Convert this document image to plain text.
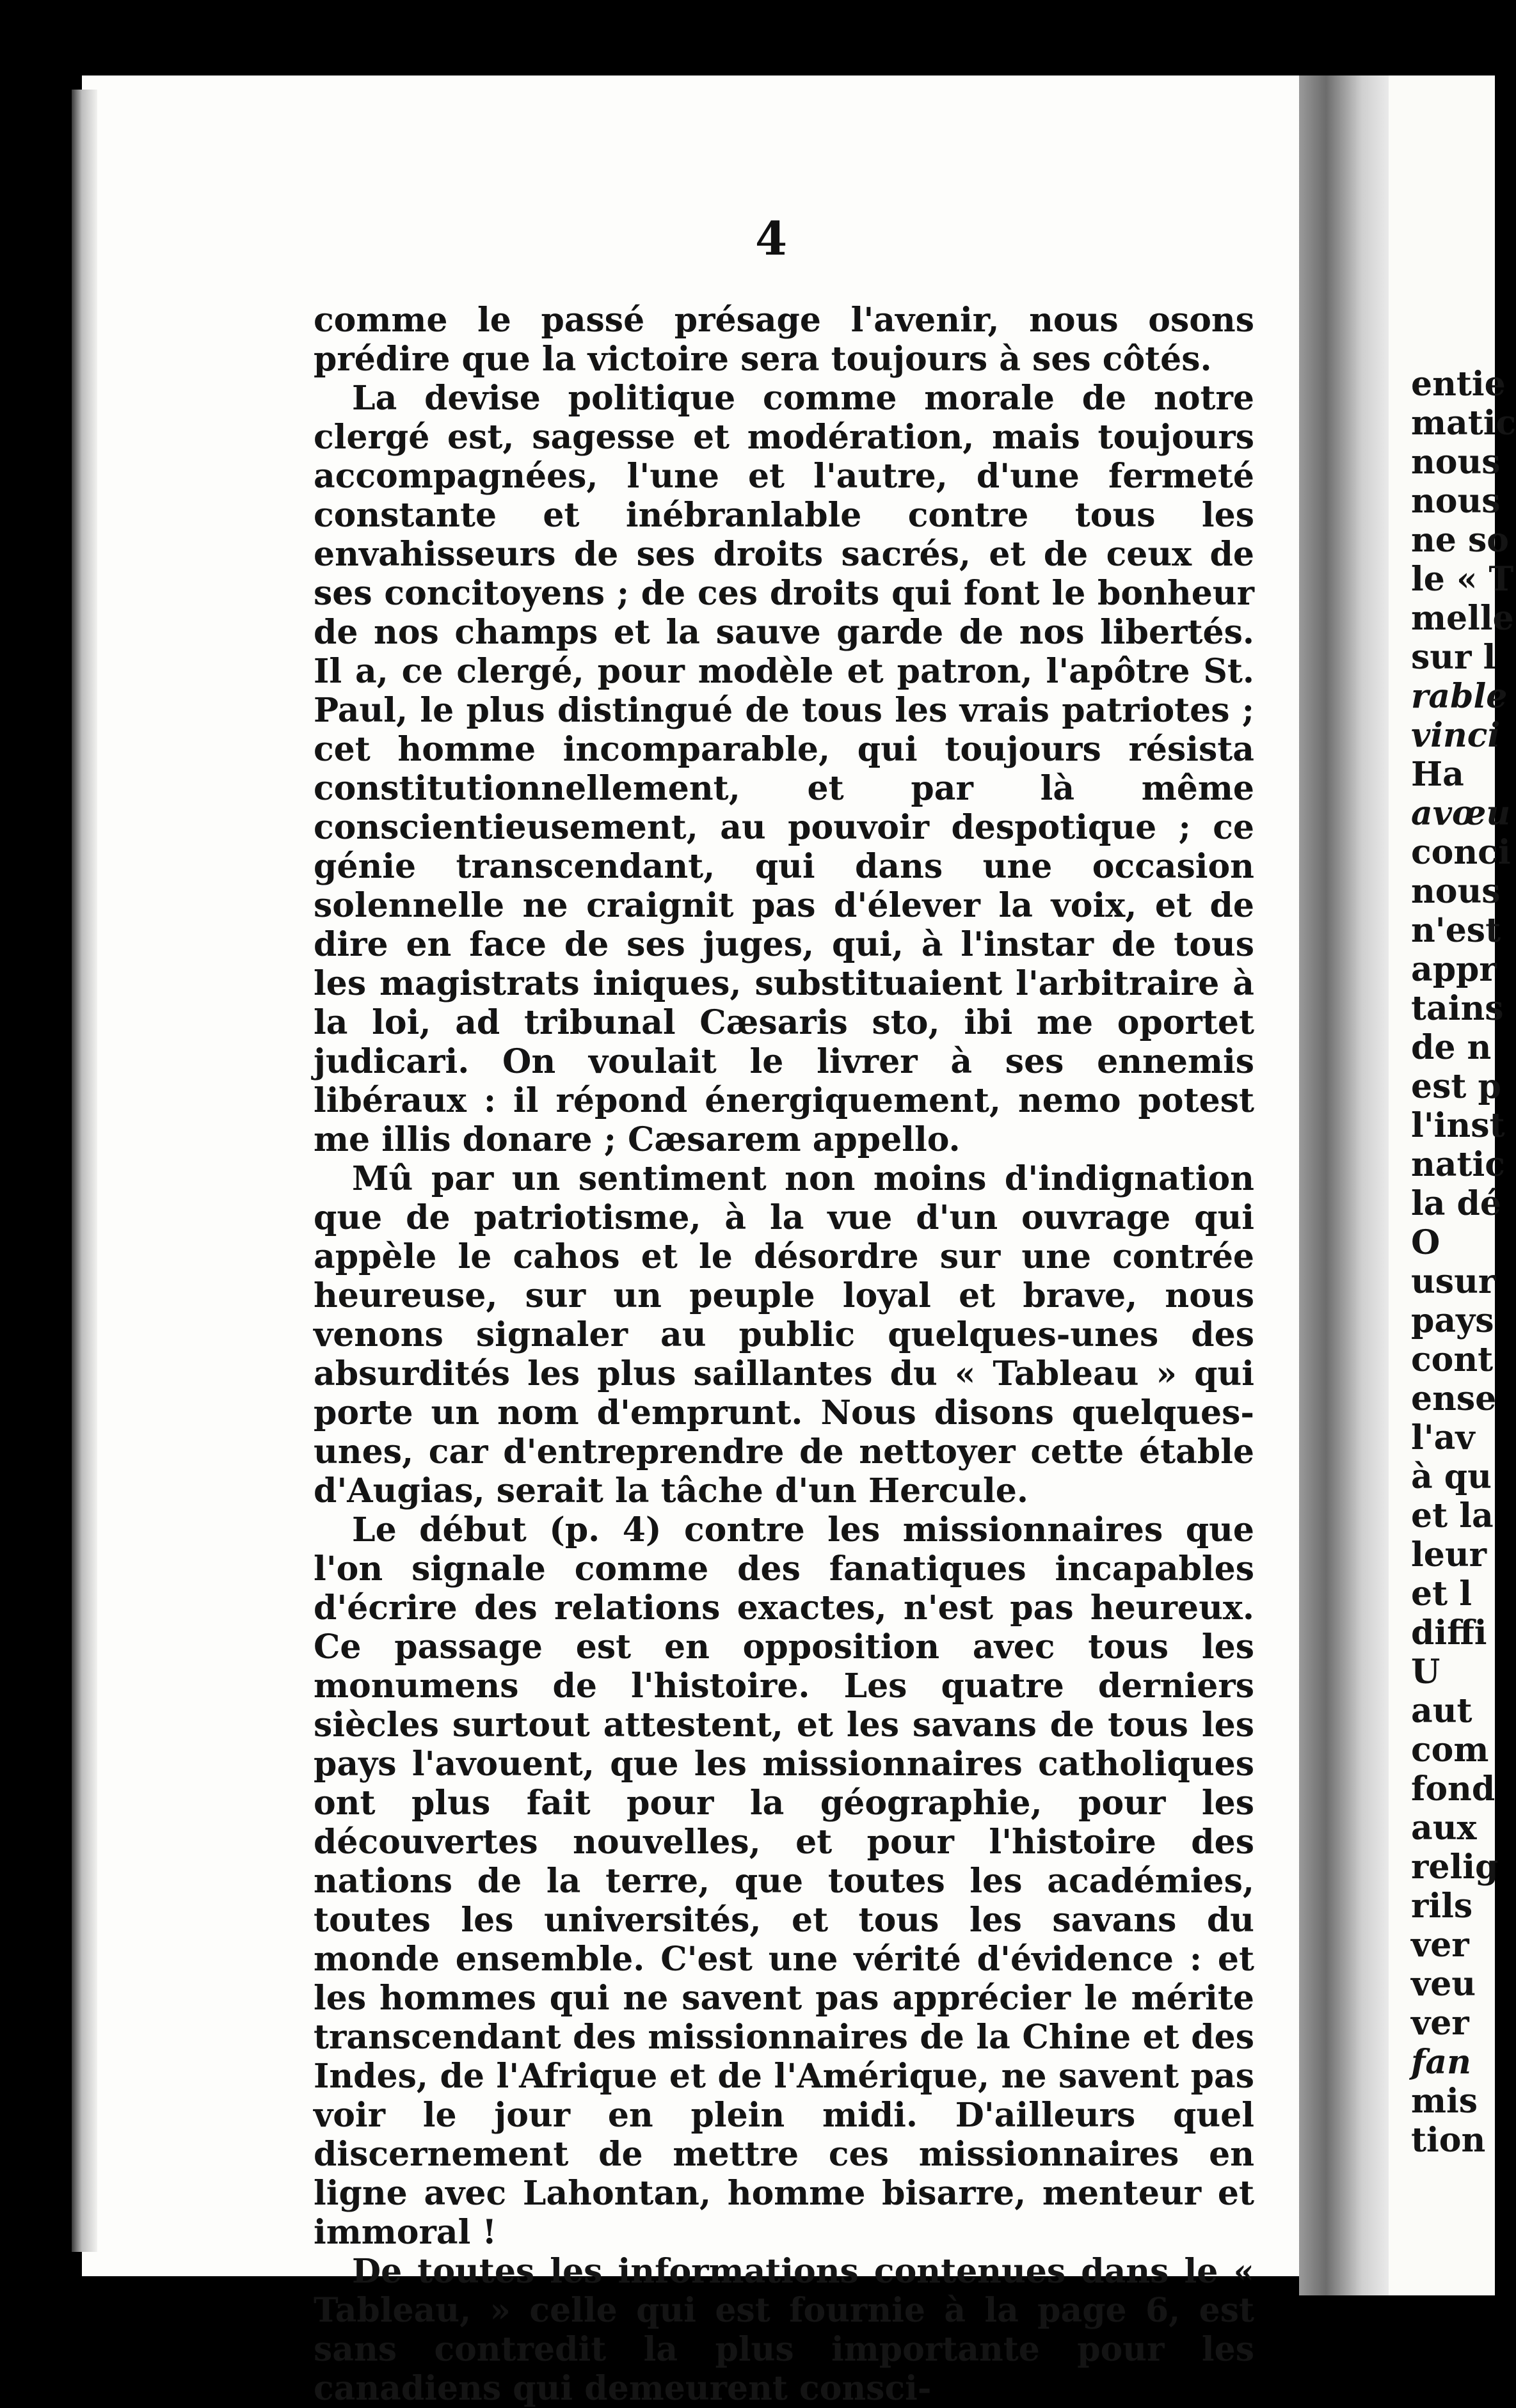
4

comme le passé présage l'avenir, nous osons prédire que la victoire sera toujours à ses côtés.

La devise politique comme morale de notre clergé est, sagesse et modération, mais toujours accompagnées, l'une et l'autre, d'une fermeté constante et inébranlable contre tous les envahisseurs de ses droits sacrés, et de ceux de ses concitoyens ; de ces droits qui font le bonheur de nos champs et la sauve garde de nos libertés. Il a, ce clergé, pour modèle et patron, l'apôtre St. Paul, le plus distingué de tous les vrais patriotes ; cet homme incomparable, qui toujours résista constitutionnellement, et par là même conscientieusement, au pouvoir despotique ; ce génie transcendant, qui dans une occasion solennelle ne craignit pas d'élever la voix, et de dire en face de ses juges, qui, à l'instar de tous les magistrats iniques, substituaient l'arbitraire à la loi, ad tribunal Cæsaris sto, ibi me oportet judicari. On voulait le livrer à ses ennemis libéraux : il répond énergiquement, nemo potest me illis donare ; Cæsarem appello.

Mû par un sentiment non moins d'indignation que de patriotisme, à la vue d'un ouvrage qui appèle le cahos et le désordre sur une contrée heureuse, sur un peuple loyal et brave, nous venons signaler au public quelques-unes des absurdités les plus saillantes du « Tableau » qui porte un nom d'emprunt. Nous disons quelques-unes, car d'entreprendre de nettoyer cette étable d'Augias, serait la tâche d'un Hercule.

Le début (p. 4) contre les missionnaires que l'on signale comme des fanatiques incapables d'écrire des relations exactes, n'est pas heureux. Ce passage est en opposition avec tous les monumens de l'histoire. Les quatre derniers siècles surtout attestent, et les savans de tous les pays l'avouent, que les missionnaires catholiques ont plus fait pour la géographie, pour les découvertes nouvelles, et pour l'histoire des nations de la terre, que toutes les académies, toutes les universités, et tous les savans du monde ensemble. C'est une vérité d'évidence : et les hommes qui ne savent pas apprécier le mérite transcendant des missionnaires de la Chine et des Indes, de l'Afrique et de l'Amérique, ne savent pas voir le jour en plein midi. D'ailleurs quel discernement de mettre ces missionnaires en ligne avec Lahontan, homme bisarre, menteur et immoral !

De toutes les informations contenues dans le « Tableau, » celle qui est fournie à la page 6, est sans contredit la plus importante pour les canadiens qui demeurent consci-

entie
matic
nous
nous
ne so
le « T
melle
sur l
rable
vinci
Ha
avœu
conci
nous
n'est
appr
tains
de n
est p
l'inst
natic
la dé
O
usur
pays
cont
ense
l'av
à qu
et la
leur
et l
diffi
U
aut
com
fond
aux
relig
rils
ver
veu
ver
fan
mis
tion
